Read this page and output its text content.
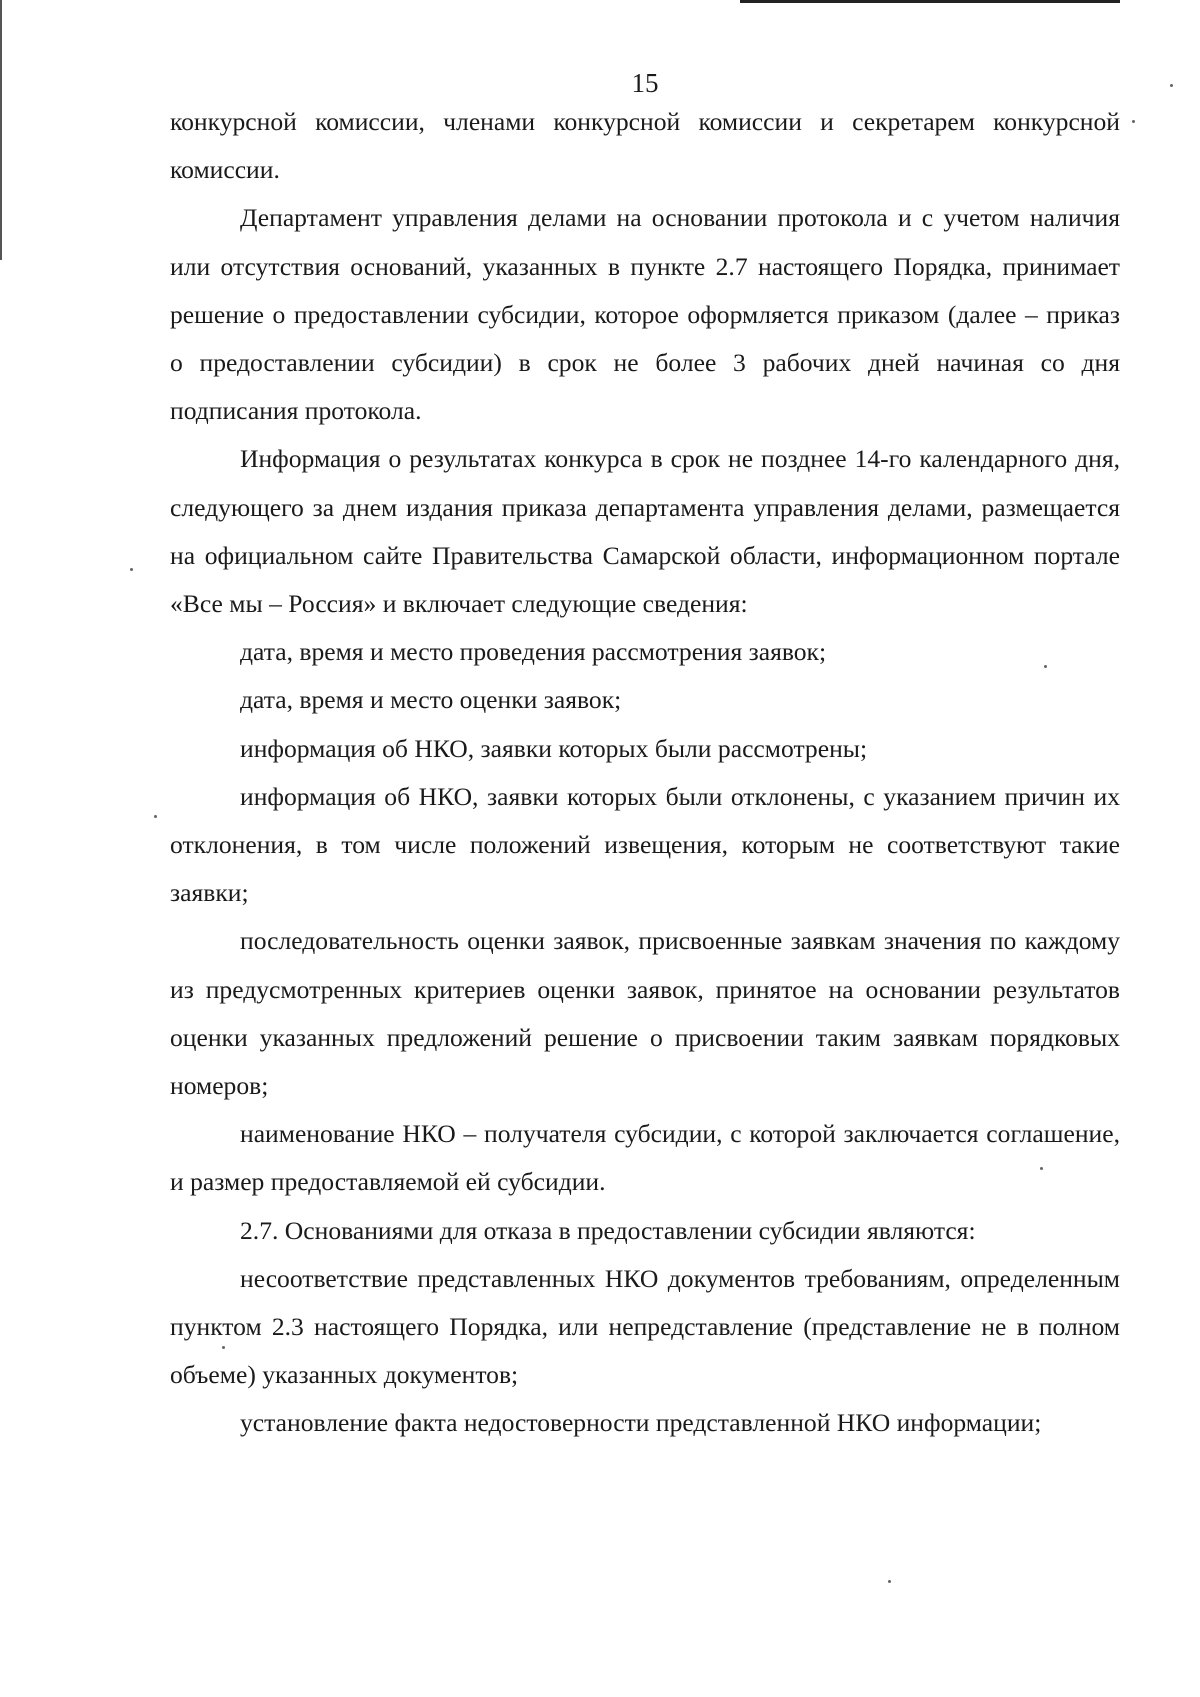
15

конкурсной комиссии, членами конкурсной комиссии и секретарем конкурсной комиссии.

Департамент управления делами на основании протокола и с учетом наличия или отсутствия оснований, указанных в пункте 2.7 настоящего Порядка, принимает решение о предоставлении субсидии, которое оформляется приказом (далее – приказ о предоставлении субсидии) в срок не более 3 рабочих дней начиная со дня подписания протокола.

Информация о результатах конкурса в срок не позднее 14-го календарного дня, следующего за днем издания приказа департамента управления делами, размещается на официальном сайте Правительства Самарской области, информационном портале «Все мы – Россия» и включает следующие сведения:

дата, время и место проведения рассмотрения заявок;

дата, время и место оценки заявок;

информация об НКО, заявки которых были рассмотрены;

информация об НКО, заявки которых были отклонены, с указанием причин их отклонения, в том числе положений извещения, которым не соответствуют такие заявки;

последовательность оценки заявок, присвоенные заявкам значения по каждому из предусмотренных критериев оценки заявок, принятое на основании результатов оценки указанных предложений решение о присвоении таким заявкам порядковых номеров;

наименование НКО – получателя субсидии, с которой заключается соглашение, и размер предоставляемой ей субсидии.

2.7. Основаниями для отказа в предоставлении субсидии являются:

несоответствие представленных НКО документов требованиям, определенным пунктом 2.3 настоящего Порядка, или непредставление (представление не в полном объеме) указанных документов;

установление факта недостоверности представленной НКО информации;
